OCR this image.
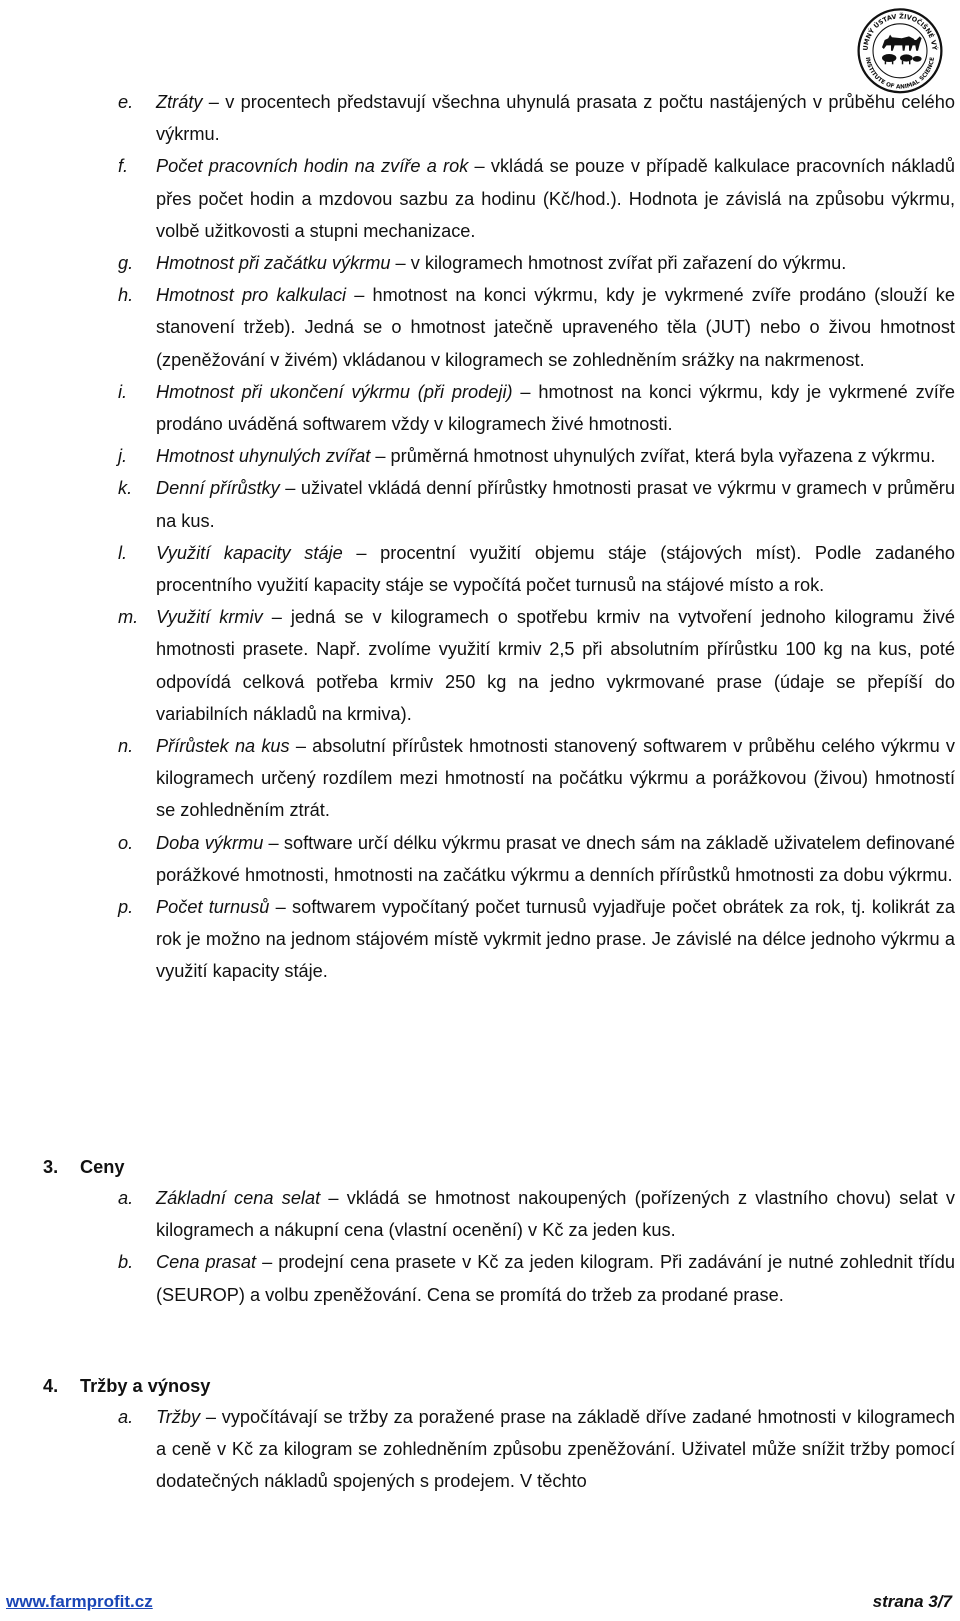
UMNÝ ÚSTAV ŽIVOČIŠNÉ VÝ
INSTITUTE OF ANIMAL SCIENCE
e. Ztráty – v procentech představují všechna uhynulá prasata z počtu nastájených v průběhu celého výkrmu.
f. Počet pracovních hodin na zvíře a rok – vkládá se pouze v případě kalkulace pracovních nákladů přes počet hodin a mzdovou sazbu za hodinu (Kč/hod.). Hodnota je závislá na způsobu výkrmu, volbě užitkovosti a stupni mechanizace.
g. Hmotnost při začátku výkrmu – v kilogramech hmotnost zvířat při zařazení do výkrmu.
h. Hmotnost pro kalkulaci – hmotnost na konci výkrmu, kdy je vykrmené zvíře prodáno (slouží ke stanovení tržeb). Jedná se o hmotnost jatečně upraveného těla (JUT) nebo o živou hmotnost (zpeněžování v živém) vkládanou v kilogramech se zohledněním srážky na nakrmenost.
i. Hmotnost při ukončení výkrmu (při prodeji) – hmotnost na konci výkrmu, kdy je vykrmené zvíře prodáno uváděná softwarem vždy v kilogramech živé hmotnosti.
j. Hmotnost uhynulých zvířat – průměrná hmotnost uhynulých zvířat, která byla vyřazena z výkrmu.
k. Denní přírůstky – uživatel vkládá denní přírůstky hmotnosti prasat ve výkrmu v gramech v průměru na kus.
l. Využití kapacity stáje – procentní využití objemu stáje (stájových míst). Podle zadaného procentního využití kapacity stáje se vypočítá počet turnusů na stájové místo a rok.
m. Využití krmiv – jedná se v kilogramech o spotřebu krmiv na vytvoření jednoho kilogramu živé hmotnosti prasete. Např. zvolíme využití krmiv 2,5 při absolutním přírůstku 100 kg na kus, poté odpovídá celková potřeba krmiv 250 kg na jedno vykrmované prase (údaje se přepíší do variabilních nákladů na krmiva).
n. Přírůstek na kus – absolutní přírůstek hmotnosti stanovený softwarem v průběhu celého výkrmu v kilogramech určený rozdílem mezi hmotností na počátku výkrmu a porážkovou (živou) hmotností se zohledněním ztrát.
o. Doba výkrmu – software určí délku výkrmu prasat ve dnech sám na základě uživatelem definované porážkové hmotnosti, hmotnosti na začátku výkrmu a denních přírůstků hmotnosti za dobu výkrmu.
p. Počet turnusů – softwarem vypočítaný počet turnusů vyjadřuje počet obrátek za rok, tj. kolikrát za rok je možno na jednom stájovém místě vykrmit jedno prase. Je závislé na délce jednoho výkrmu a využití kapacity stáje.
3. Ceny
a. Základní cena selat – vkládá se hmotnost nakoupených (pořízených z vlastního chovu) selat v kilogramech a nákupní cena (vlastní ocenění) v Kč za jeden kus.
b. Cena prasat – prodejní cena prasete v Kč za jeden kilogram. Při zadávání je nutné zohlednit třídu (SEUROP) a volbu zpeněžování. Cena se promítá do tržeb za prodané prase.
4. Tržby a výnosy
a. Tržby – vypočítávají se tržby za poražené prase na základě dříve zadané hmotnosti v kilogramech a ceně v Kč za kilogram se zohledněním způsobu zpeněžování. Uživatel může snížit tržby pomocí dodatečných nákladů spojených s prodejem. V těchto
www.farmprofit.cz	strana 3/7
